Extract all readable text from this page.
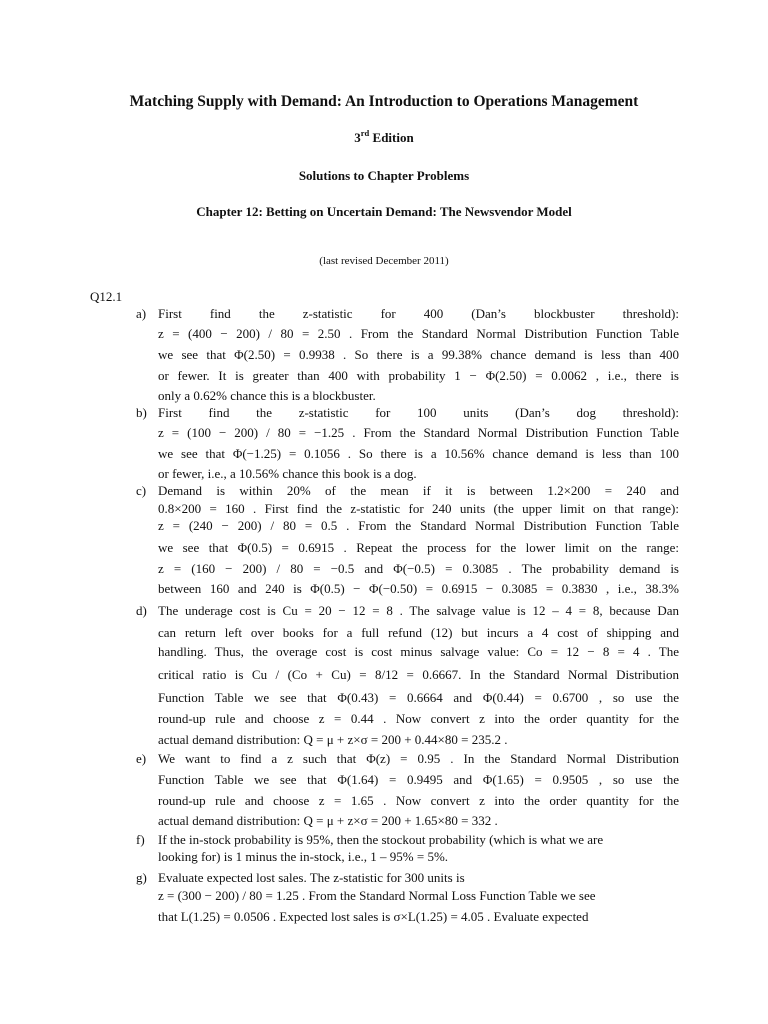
Matching Supply with Demand: An Introduction to Operations Management
3rd Edition
Solutions to Chapter Problems
Chapter 12: Betting on Uncertain Demand: The Newsvendor Model
(last revised December 2011)
Q12.1
a) First find the z-statistic for 400 (Dan’s blockbuster threshold):
z = (400 − 200) / 80 = 2.50 . From the Standard Normal Distribution Function Table
we see that Φ(2.50) = 0.9938 . So there is a 99.38% chance demand is less than 400
or fewer. It is greater than 400 with probability 1 − Φ(2.50) = 0.0062 , i.e., there is
only a 0.62% chance this is a blockbuster.
b) First find the z-statistic for 100 units (Dan’s dog threshold):
z = (100 − 200) / 80 = −1.25 . From the Standard Normal Distribution Function Table
we see that Φ(−1.25) = 0.1056 . So there is a 10.56% chance demand is less than 100
or fewer, i.e., a 10.56% chance this book is a dog.
c) Demand is within 20% of the mean if it is between 1.2×200 = 240 and
0.8×200 = 160 . First find the z-statistic for 240 units (the upper limit on that range):
z = (240 − 200) / 80 = 0.5 . From the Standard Normal Distribution Function Table
we see that Φ(0.5) = 0.6915 . Repeat the process for the lower limit on the range:
z = (160 − 200) / 80 = −0.5 and Φ(−0.5) = 0.3085 . The probability demand is
between 160 and 240 is Φ(0.5) − Φ(−0.50) = 0.6915 − 0.3085 = 0.3830 , i.e., 38.3%
d) The underage cost is Cu = 20 − 12 = 8 . The salvage value is 12 – 4 = 8, because Dan
can return left over books for a full refund (12) but incurs a 4 cost of shipping and
handling. Thus, the overage cost is cost minus salvage value: Co = 12 − 8 = 4 . The
critical ratio is Cu / (Co + Cu) = 8/12 = 0.6667. In the Standard Normal Distribution
Function Table we see that Φ(0.43) = 0.6664 and Φ(0.44) = 0.6700 , so use the
round-up rule and choose z = 0.44 . Now convert z into the order quantity for the
actual demand distribution: Q = μ + z×σ = 200 + 0.44×80 = 235.2 .
e) We want to find a z such that Φ(z) = 0.95 . In the Standard Normal Distribution
Function Table we see that Φ(1.64) = 0.9495 and Φ(1.65) = 0.9505 , so use the
round-up rule and choose z = 1.65 . Now convert z into the order quantity for the
actual demand distribution: Q = μ + z×σ = 200 + 1.65×80 = 332 .
f) If the in-stock probability is 95%, then the stockout probability (which is what we are
looking for) is 1 minus the in-stock, i.e., 1 – 95% = 5%.
g) Evaluate expected lost sales. The z-statistic for 300 units is
z = (300 − 200) / 80 = 1.25 . From the Standard Normal Loss Function Table we see
that L(1.25) = 0.0506 . Expected lost sales is σ×L(1.25) = 4.05 . Evaluate expected
